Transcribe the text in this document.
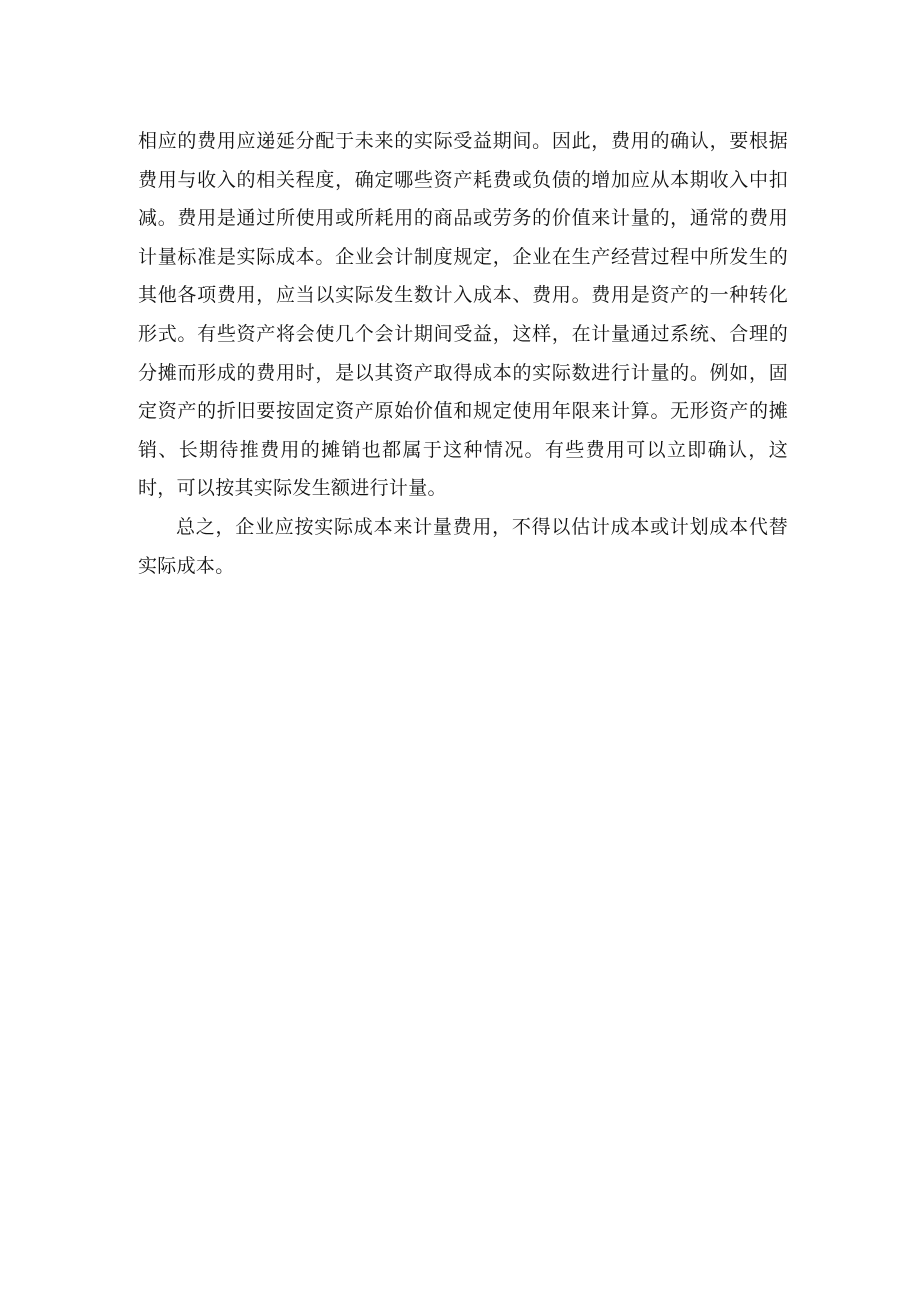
相应的费用应递延分配于未来的实际受益期间。因此，费用的确认，要根据费用与收入的相关程度，确定哪些资产耗费或负债的增加应从本期收入中扣减。费用是通过所使用或所耗用的商品或劳务的价值来计量的，通常的费用计量标准是实际成本。企业会计制度规定，企业在生产经营过程中所发生的其他各项费用，应当以实际发生数计入成本、费用。费用是资产的一种转化形式。有些资产将会使几个会计期间受益，这样，在计量通过系统、合理的分摊而形成的费用时，是以其资产取得成本的实际数进行计量的。例如，固定资产的折旧要按固定资产原始价值和规定使用年限来计算。无形资产的摊销、长期待推费用的摊销也都属于这种情况。有些费用可以立即确认，这时，可以按其实际发生额进行计量。

总之，企业应按实际成本来计量费用，不得以估计成本或计划成本代替实际成本。
